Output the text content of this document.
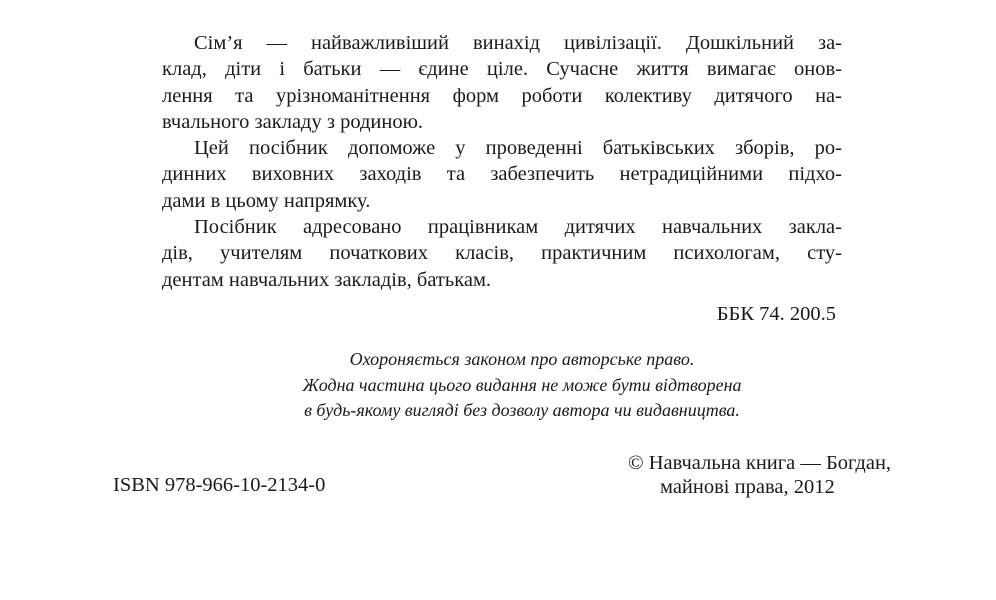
Сім’я — найважливіший винахід цивілізації. Дошкільний за-
клад, діти і батьки — єдине ціле. Сучасне життя вимагає онов-
лення та урізноманітнення форм роботи колективу дитячого на-
вчального закладу з родиною.
Цей посібник допоможе у проведенні батьківських зборів, ро-
динних виховних заходів та забезпечить нетрадиційними підхо-
дами в цьому напрямку.
Посібник адресовано працівникам дитячих навчальних закла-
дів, учителям початкових класів, практичним психологам, сту-
дентам навчальних закладів, батькам.
ББК 74. 200.5
Охороняється законом про авторське право.
Жодна частина цього видання не може бути відтворена
в будь-якому вигляді без дозволу автора чи видавництва.
ISBN 978-966-10-2134-0
© Навчальна книга — Богдан,
майнові права, 2012
